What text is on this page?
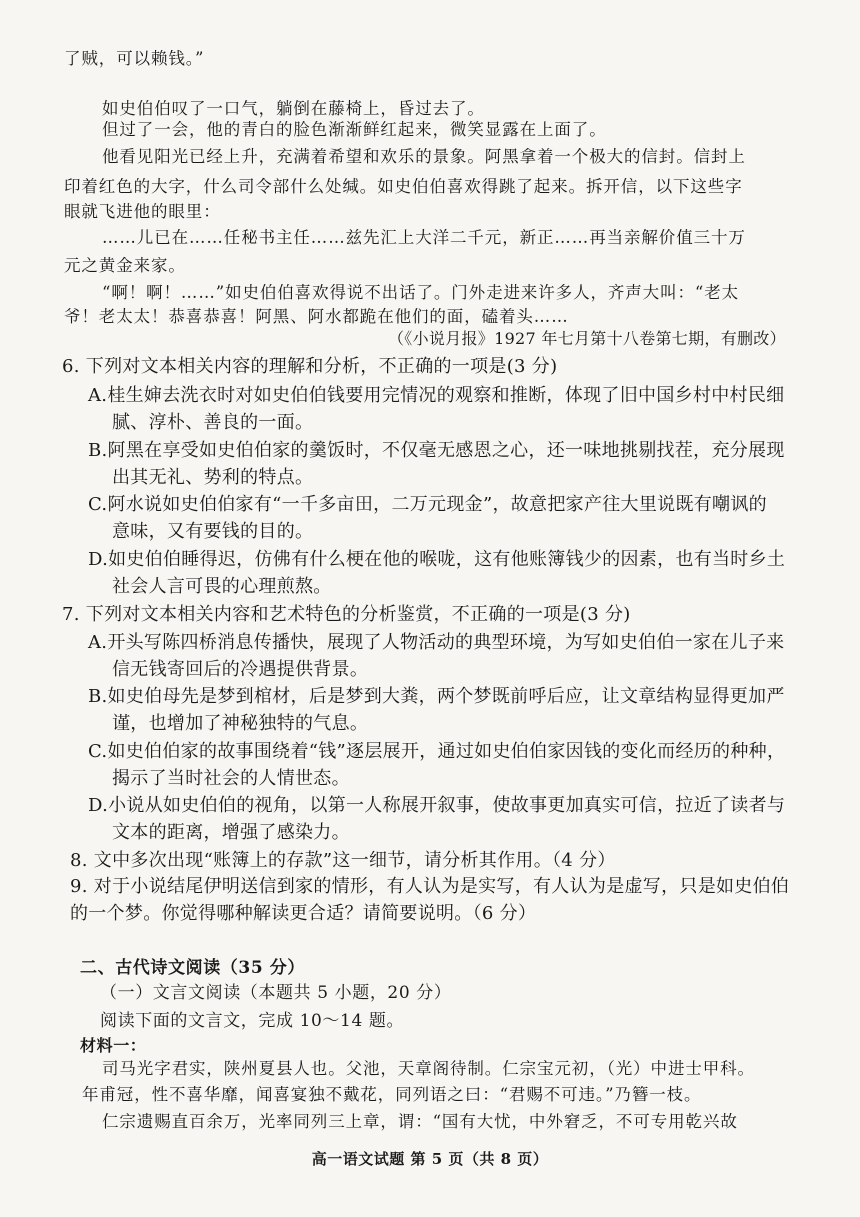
了贼，可以赖钱。”
如史伯伯叹了一口气，躺倒在藤椅上，昏过去了。
但过了一会，他的青白的脸色渐渐鲜红起来，微笑显露在上面了。
他看见阳光已经上升，充满着希望和欢乐的景象。阿黑拿着一个极大的信封。信封上
印着红色的大字，什么司令部什么处缄。如史伯伯喜欢得跳了起来。拆开信，以下这些字
眼就飞进他的眼里：
……儿已在……任秘书主任……兹先汇上大洋二千元，新正……再当亲解价值三十万
元之黄金来家。
“啊！啊！……”如史伯伯喜欢得说不出话了。门外走进来许多人，齐声大叫：“老太
爷！老太太！恭喜恭喜！阿黑、阿水都跪在他们的面，磕着头……
（《小说月报》1927 年七月第十八卷第七期，有删改）
6. 下列对文本相关内容的理解和分析，不正确的一项是(3 分)
A.桂生婶去洗衣时对如史伯伯钱要用完情况的观察和推断，体现了旧中国乡村中村民细
腻、淳朴、善良的一面。
B.阿黑在享受如史伯伯家的羹饭时，不仅毫无感恩之心，还一味地挑剔找茬，充分展现
出其无礼、势利的特点。
C.阿水说如史伯伯家有“一千多亩田，二万元现金”，故意把家产往大里说既有嘲讽的
意味，又有要钱的目的。
D.如史伯伯睡得迟，仿佛有什么梗在他的喉咙，这有他账簿钱少的因素，也有当时乡土
社会人言可畏的心理煎熬。
7. 下列对文本相关内容和艺术特色的分析鉴赏，不正确的一项是(3 分)
A.开头写陈四桥消息传播快，展现了人物活动的典型环境，为写如史伯伯一家在儿子来
信无钱寄回后的冷遇提供背景。
B.如史伯母先是梦到棺材，后是梦到大粪，两个梦既前呼后应，让文章结构显得更加严
谨，也增加了神秘独特的气息。
C.如史伯伯家的故事围绕着“钱”逐层展开，通过如史伯伯家因钱的变化而经历的种种，
揭示了当时社会的人情世态。
D.小说从如史伯伯的视角，以第一人称展开叙事，使故事更加真实可信，拉近了读者与
文本的距离，增强了感染力。
8. 文中多次出现“账簿上的存款”这一细节，请分析其作用。（4 分）
9. 对于小说结尾伊明送信到家的情形，有人认为是实写，有人认为是虚写，只是如史伯伯
的一个梦。你觉得哪种解读更合适？请简要说明。（6 分）
二、古代诗文阅读（35 分）
（一）文言文阅读（本题共 5 小题，20 分）
阅读下面的文言文，完成 10～14 题。
材料一：
司马光字君实，陕州夏县人也。父池，天章阁待制。仁宗宝元初，（光）中进士甲科。
年甫冠，性不喜华靡，闻喜宴独不戴花，同列语之曰：“君赐不可违。”乃簪一枝。
仁宗遗赐直百余万，光率同列三上章，谓：“国有大忧，中外窘乏，不可专用乾兴故
高一语文试题 第 5 页（共 8 页）
